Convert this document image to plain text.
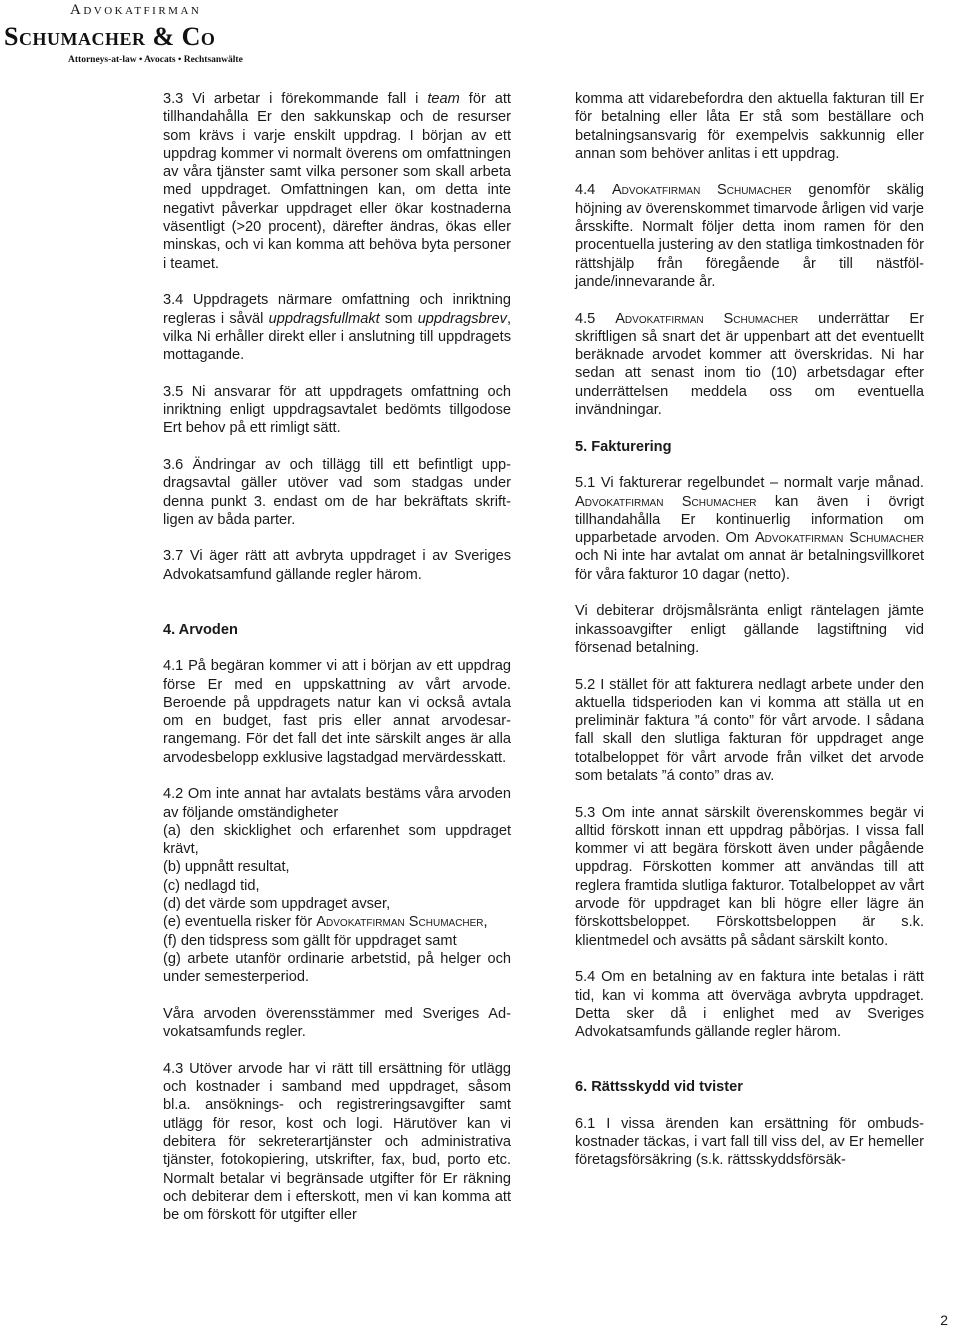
Advokatfirman
Schumacher & Co
Attorneys-at-law • Avocats • Rechtsanwälte

3.3 Vi arbetar i förekommande fall i team för att tillhandahålla Er den sakkunskap och de resurser som krävs i varje enskilt uppdrag. I början av ett uppdrag kommer vi normalt överens om omfattningen av våra tjänster samt vilka personer som skall arbeta med uppdraget. Omfattningen kan, om detta inte negativt påverkar uppdraget eller ökar kostnaderna väsentligt (>20 procent), därefter ändras, ökas eller minskas, och vi kan komma att behöva byta personer i teamet.

3.4 Uppdragets närmare omfattning och inriktning regleras i såväl uppdragsfullmakt som uppdragsbrev, vilka Ni erhåller direkt eller i anslutning till uppdragets mottagande.

3.5 Ni ansvarar för att uppdragets omfattning och inriktning enligt uppdragsavtalet bedömts tillgodose Ert behov på ett rimligt sätt.

3.6 Ändringar av och tillägg till ett befintligt uppdragsavtal gäller utöver vad som stadgas under denna punkt 3. endast om de har bekräftats skriftligen av båda parter.

3.7 Vi äger rätt att avbryta uppdraget i av Sveriges Advokatsamfund gällande regler härom.

4. Arvoden

4.1 På begäran kommer vi att i början av ett uppdrag förse Er med en uppskattning av vårt arvode. Beroende på uppdragets natur kan vi också avtala om en budget, fast pris eller annat arvodesarrangemang. För det fall det inte särskilt anges är alla arvodesbelopp exklusive lagstadgad mervärdesskatt.

4.2 Om inte annat har avtalats bestäms våra arvoden av följande omständigheter
(a) den skicklighet och erfarenhet som uppdraget krävt,
(b) uppnått resultat,
(c) nedlagd tid,
(d) det värde som uppdraget avser,
(e) eventuella risker för Advokatfirman Schumacher,
(f) den tidspress som gällt för uppdraget samt
(g) arbete utanför ordinarie arbetstid, på helger och under semesterperiod.

Våra arvoden överensstämmer med Sveriges Advokatsamfunds regler.

4.3 Utöver arvode har vi rätt till ersättning för utlägg och kostnader i samband med uppdraget, såsom bl.a. ansöknings- och registreringsavgifter samt utlägg för resor, kost och logi. Härutöver kan vi debitera för sekreterartjänster och administrativa tjänster, fotokopiering, utskrifter, fax, bud, porto etc. Normalt betalar vi begränsade utgifter för Er räkning och debiterar dem i efterskott, men vi kan komma att be om förskott för utgifter eller

komma att vidarebefordra den aktuella fakturan till Er för betalning eller låta Er stå som beställare och betalningsansvarig för exempelvis sakkunnig eller annan som behöver anlitas i ett uppdrag.

4.4 Advokatfirman Schumacher genomför skälig höjning av överenskommet timarvode årligen vid varje årsskifte. Normalt följer detta inom ramen för den procentuella justering av den statliga timkostnaden för rättshjälp från föregående år till nästföljande/innevarande år.

4.5 Advokatfirman Schumacher underrättar Er skriftligen så snart det är uppenbart att det eventuellt beräknade arvodet kommer att överskridas. Ni har sedan att senast inom tio (10) arbetsdagar efter underrättelsen meddela oss om eventuella invändningar.

5. Fakturering

5.1 Vi fakturerar regelbundet – normalt varje månad. Advokatfirman Schumacher kan även i övrigt tillhandahålla Er kontinuerlig information om upparbetade arvoden. Om Advokatfirman Schumacher och Ni inte har avtalat om annat är betalningsvillkoret för våra fakturor 10 dagar (netto).

Vi debiterar dröjsmålsränta enligt räntelagen jämte inkassoavgifter enligt gällande lagstiftning vid försenad betalning.

5.2 I stället för att fakturera nedlagt arbete under den aktuella tidsperioden kan vi komma att ställa ut en preliminär faktura ”á conto” för vårt arvode. I sådana fall skall den slutliga fakturan för uppdraget ange totalbeloppet för vårt arvode från vilket det arvode som betalats ”á conto” dras av.

5.3 Om inte annat särskilt överenskommes begär vi alltid förskott innan ett uppdrag påbörjas. I vissa fall kommer vi att begära förskott även under pågående uppdrag. Förskotten kommer att användas till att reglera framtida slutliga fakturor. Totalbeloppet av vårt arvode för uppdraget kan bli högre eller lägre än förskottsbeloppet. Förskottsbeloppen är s.k. klientmedel och avsätts på sådant särskilt konto.

5.4 Om en betalning av en faktura inte betalas i rätt tid, kan vi komma att överväga avbryta uppdraget. Detta sker då i enlighet med av Sveriges Advokatsamfunds gällande regler härom.

6. Rättsskydd vid tvister

6.1 I vissa ärenden kan ersättning för ombudskostnader täckas, i vart fall till viss del, av Er hemeller företagsförsäkring (s.k. rättsskyddsförsäk-

2
